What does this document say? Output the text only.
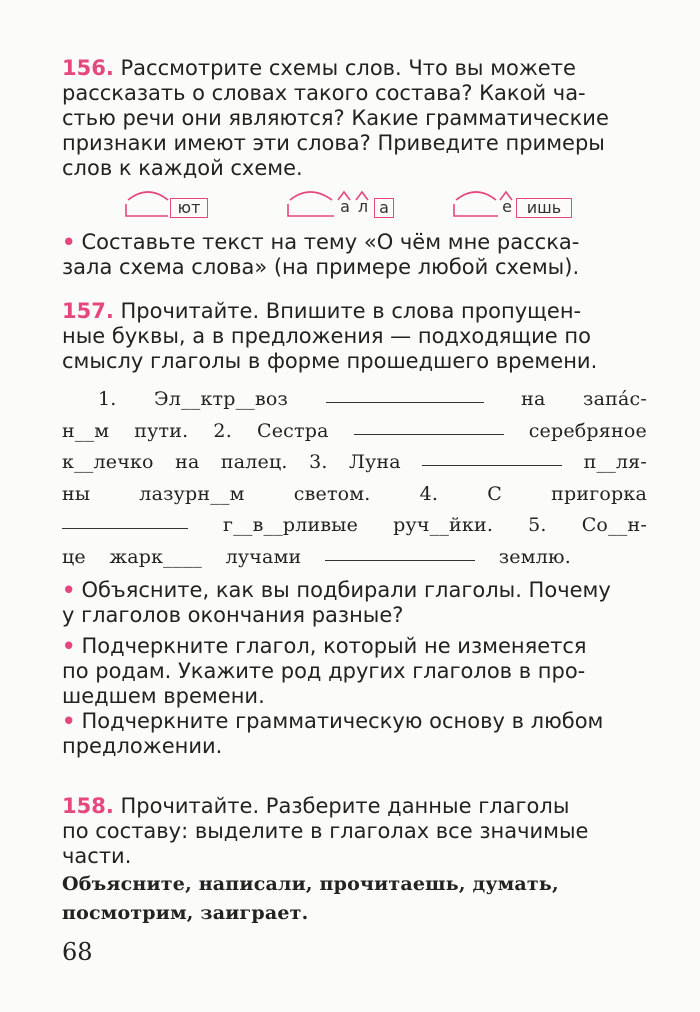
156. Рассмотрите схемы слов. Что вы можете
рассказать о словах такого состава? Какой ча-
стью речи они являются? Какие грамматические
признаки имеют эти слова? Приведите примеры
слов к каждой схеме.
ют	а л а	е ишь
• Составьте текст на тему «О чём мне расска-
зала схема слова» (на примере любой схемы).
157. Прочитайте. Впишите в слова пропущен-
ные буквы, а в предложения — подходящие по
смыслу глаголы в форме прошедшего времени.
1. Эл__ктр__воз	на запа́с-
н__м пути. 2. Сестра	серебряное
к__лечко на палец. 3. Луна	п__ля-
ны	лазурн__м	светом.	4.	С	пригорка
г__в__рливые руч__йки. 5. Со__н-
це жарк____ лучами	землю.
• Объясните, как вы подбирали глаголы. Почему
у глаголов окончания разные?
• Подчеркните глагол, который не изменяется
по родам. Укажите род других глаголов в про-
шедшем времени.
• Подчеркните грамматическую основу в любом
предложении.
158. Прочитайте. Разберите данные глаголы
по составу: выделите в глаголах все значимые
части.
Объясните, написали, прочитаешь, думать,
посмотрим, заиграет.
68
